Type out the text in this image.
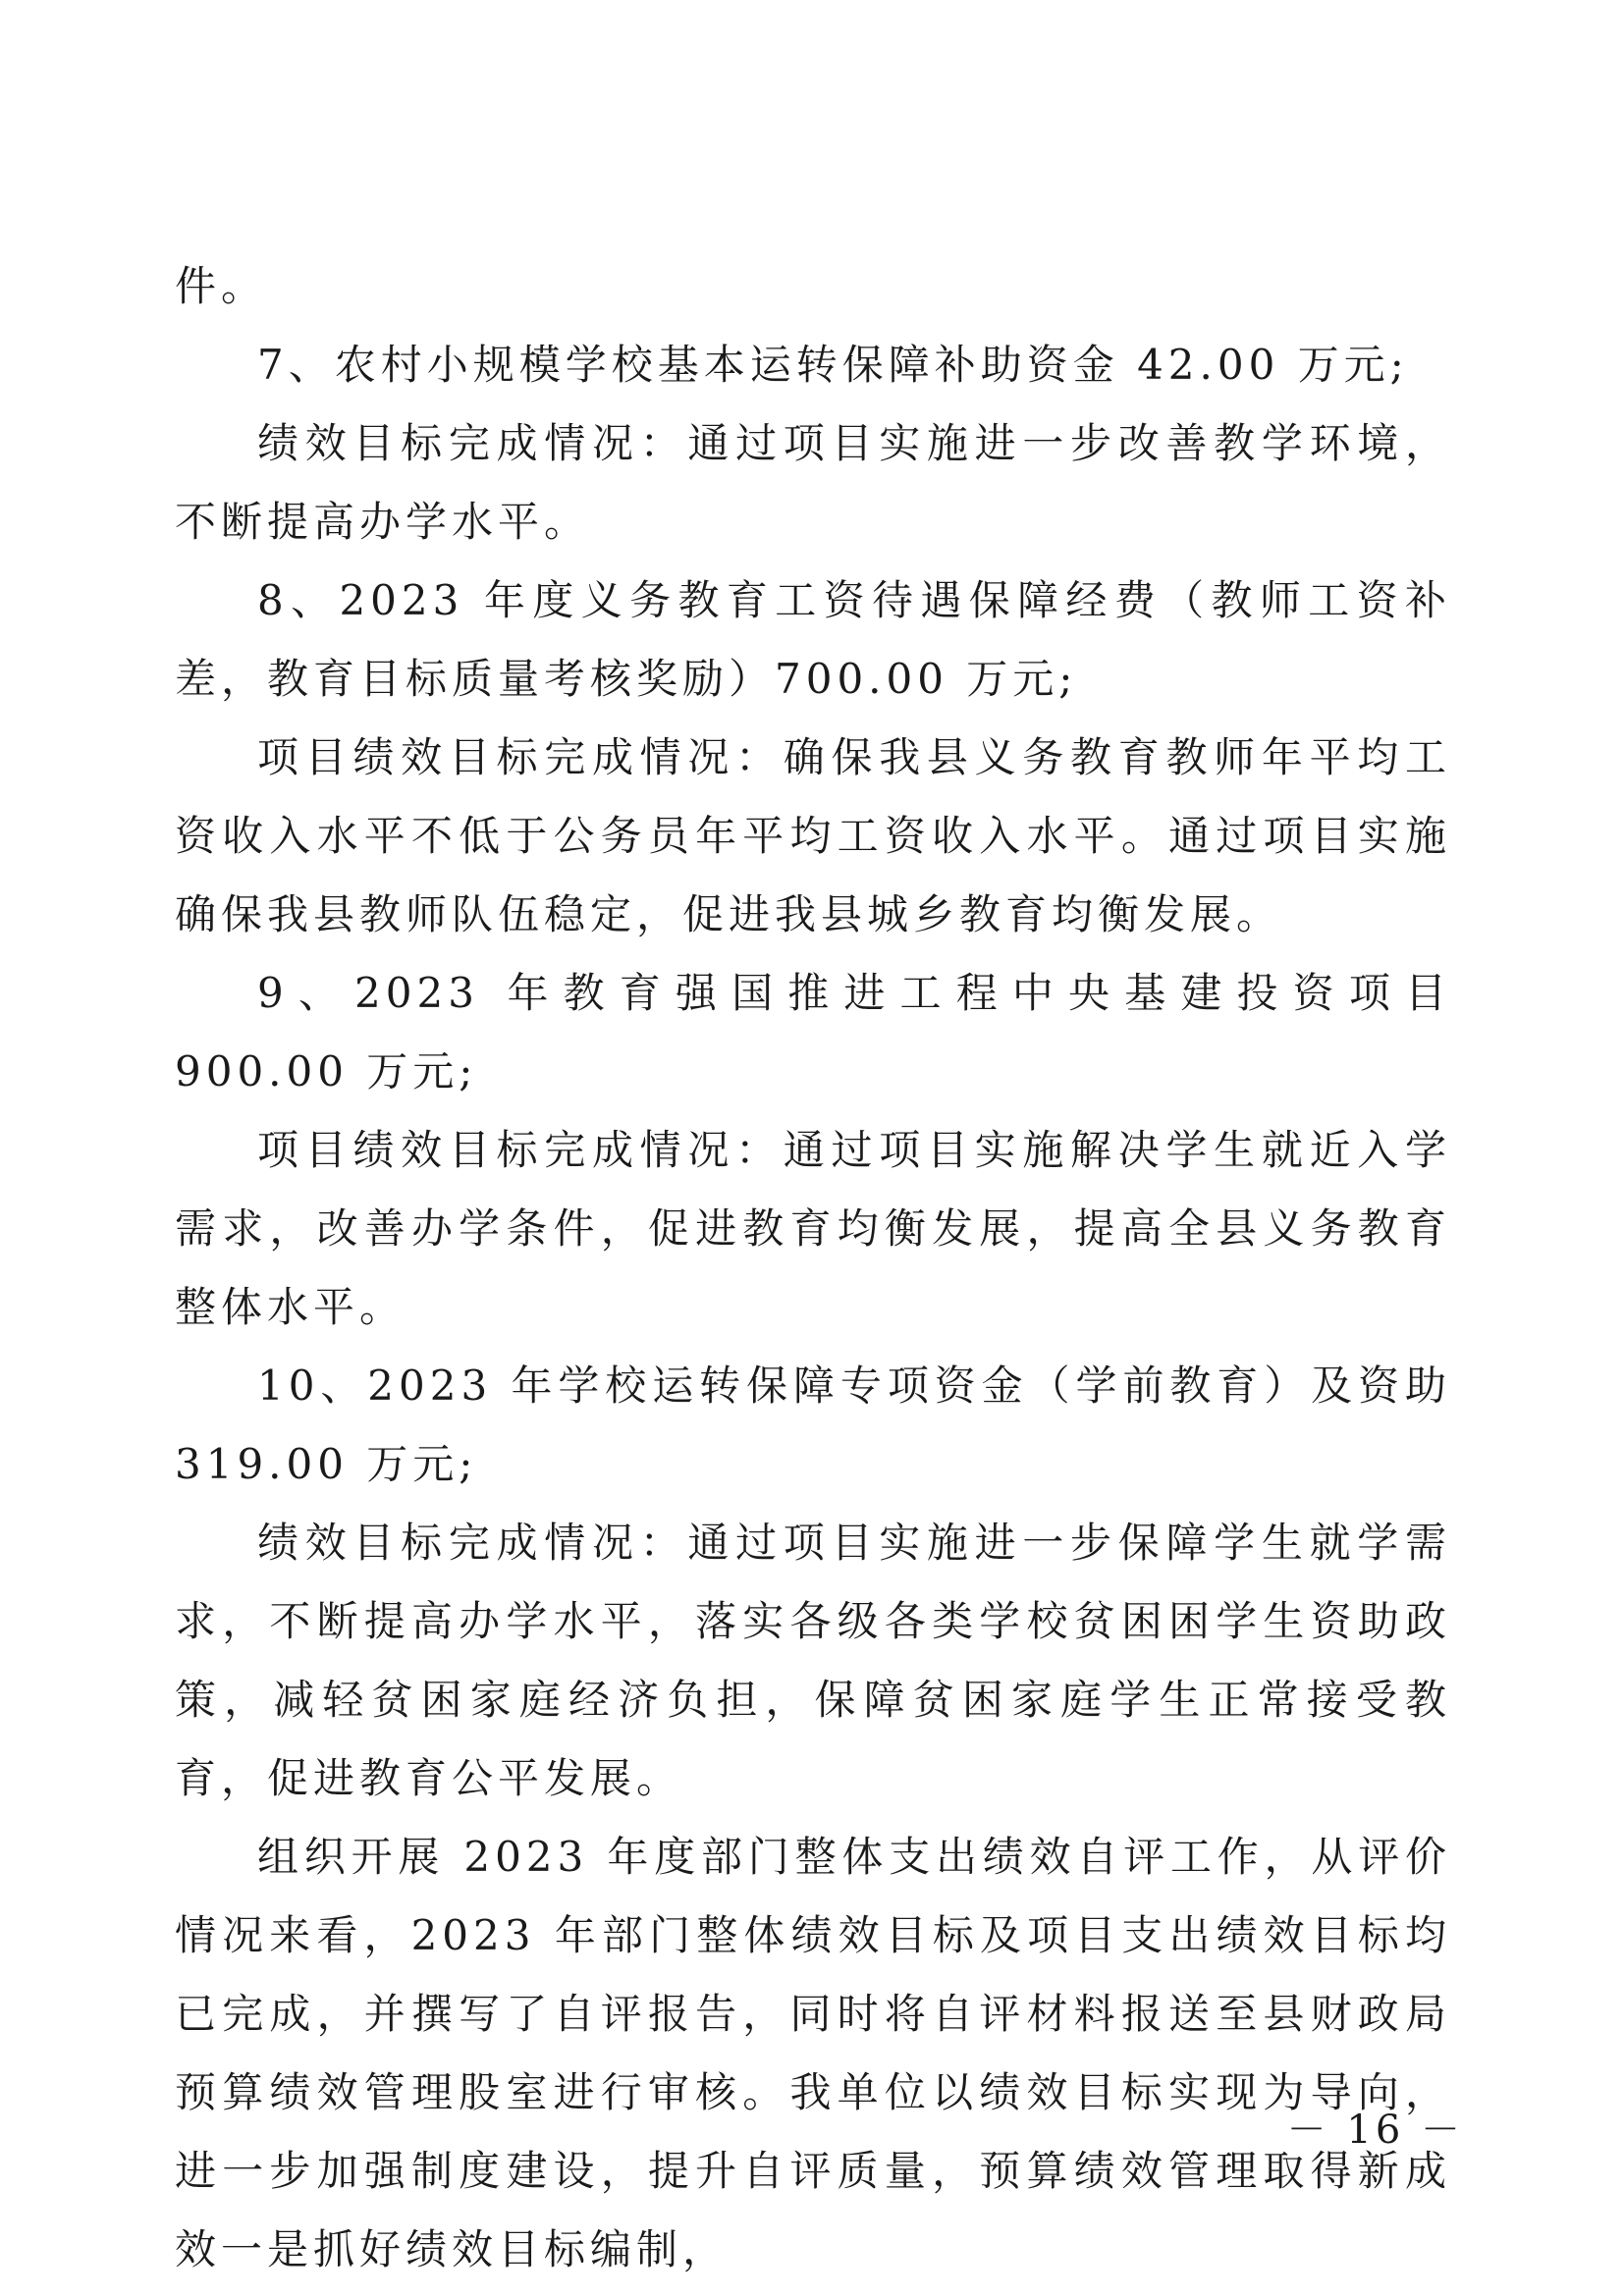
件。

7、农村小规模学校基本运转保障补助资金 42.00 万元;

绩效目标完成情况：通过项目实施进一步改善教学环境，不断提高办学水平。

8、2023 年度义务教育工资待遇保障经费（教师工资补差，教育目标质量考核奖励）700.00 万元;

项目绩效目标完成情况：确保我县义务教育教师年平均工资收入水平不低于公务员年平均工资收入水平。通过项目实施确保我县教师队伍稳定，促进我县城乡教育均衡发展。

9、2023 年教育强国推进工程中央基建投资项目 900.00 万元;

项目绩效目标完成情况：通过项目实施解决学生就近入学需求，改善办学条件，促进教育均衡发展，提高全县义务教育整体水平。

10、2023 年学校运转保障专项资金（学前教育）及资助 319.00 万元;

绩效目标完成情况：通过项目实施进一步保障学生就学需求，不断提高办学水平，落实各级各类学校贫困困学生资助政策，减轻贫困家庭经济负担，保障贫困家庭学生正常接受教育，促进教育公平发展。

组织开展 2023 年度部门整体支出绩效自评工作，从评价情况来看，2023 年部门整体绩效目标及项目支出绩效目标均已完成，并撰写了自评报告，同时将自评材料报送至县财政局预算绩效管理股室进行审核。我单位以绩效目标实现为导向，进一步加强制度建设，提升自评质量，预算绩效管理取得新成效一是抓好绩效目标编制，

－ 16 －
